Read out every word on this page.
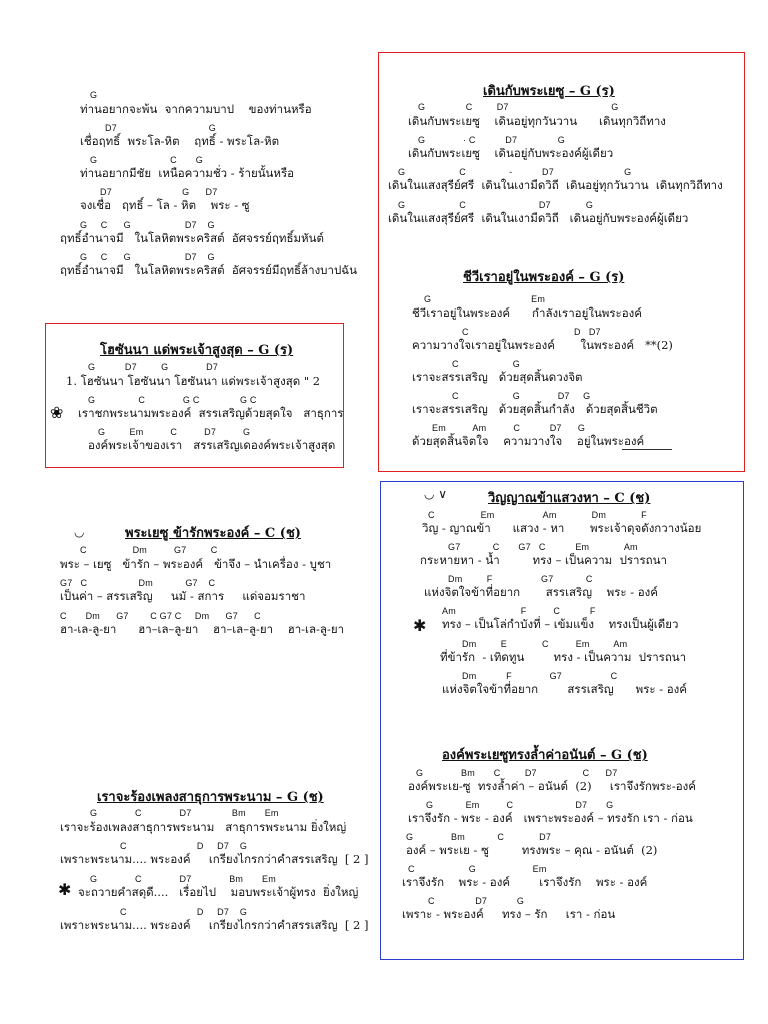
G
ท่านอยากจะพ้น  จากความบาป    ของท่านหรือ
D7                                  G
เชื่อฤทธิ์  พระโล-หิต    ฤทธิ์ - พระโล-หิต
G                           C       G
ท่านอยากมีชัย  เหนือความชั่ว - ร้ายนั้นหรือ
D7                          G      D7
จงเชื่อ   ฤทธิ์ – โล - หิต    พระ - ซู
G     C      G                    D7    G
ฤทธิ์อำนาจมี   ในโลหิตพระคริสต์  อัศจรรย์ฤทธิ์มหันต์
G     C      G                    D7    G
ฤทธิ์อำนาจมี   ในโลหิตพระคริสต์  อัศจรรย์มีฤทธิ์ล้างบาปฉัน
โฮซันนา แด่พระเจ้าสูงสุด – G (ร)
G           D7         G              D7
1. โฮซันนา โฮซันนา โฮซันนา แด่พระเจ้าสูงสุด " 2
G                C              G C               G C
เราชกพระนามพระองค์  สรรเสริญด้วยสุดใจ   สาธุการ
G         Em          C          D7          G
องค์พระเจ้าของเรา   สรรเสริญเดองค์พระเจ้าสูงสุด
❀
◡	พระเยซู ข้ารักพระองค์ – C (ช)
C                 Dm          G7         C
พระ – เยซู   ข้ารัก – พระองค์   ข้าจึง – นำเครื่อง - บูชา
G7   C                   Dm            G7    C
เป็นค่า – สรรเสริญ     นมั - สการ     แด่จอมราชา
C       Dm      G7        C G7 C     Dm      G7      C
ฮา-เล-ลู-ยา      ฮา–เล–ลู-ยา    ฮา–เล–ลู-ยา    ฮา-เล-ลู-ยา
เราจะร้องเพลงสาธุการพระนาม – G (ช)
G              C              D7               Bm       Em
เราจะร้องเพลงสาธุการพระนาม   สาธุการพระนาม ยิ่งใหญ่
C                          D     D7    G
เพราะพระนาม.... พระองค์     เกรียงไกรกว่าคำสรรเสริญ  [ 2 ]
G              C              D7              Bm       Em
จะถวายคำสดุดี....   เรื่อยไป    มอบพระเจ้าผู้ทรง  ยิ่งใหญ่
C                          D     D7    G
เพราะพระนาม.... พระองค์     เกรียงไกรกว่าคำสรรเสริญ  [ 2 ]
✱
เดินกับพระเยซู – G (ร)
G               C         D7                                      G
เดินกับพระเยซู    เดินอยู่ทุกวันวาน      เดินทุกวิถีทาง
G              · C           D7               G
เดินกับพระเยซู    เดินอยู่กับพระองค์ผู้เดียว
G                    C                -           D7                          G
เดินในแสงสุรีย์ศรี  เดินในเงามืดวิถี  เดินอยู่ทุกวันวาน  เดินทุกวิถีทาง
G                    C                           D7             G
เดินในแสงสุรีย์ศรี  เดินในเงามืดวิถี   เดินอยู่กับพระองค์ผู้เดียว
ชีวีเราอยู่ในพระองค์ – G (ร)
G                                     Em
ชีวีเราอยู่ในพระองค์      กำลังเราอยู่ในพระองค์
C                                       D   D7
ความวางใจเราอยู่ในพระองค์       ในพระองค์   **(2)
C                    G
เราจะสรรเสริญ   ด้วยสุดสิ้นดวงจิต
C                    G              D7     G
เราจะสรรเสริญ   ด้วยสุดสิ้นกำลัง   ด้วยสุดสิ้นชีวิต
Em          Am          C           D7      G
ด้วยสุดสิ้นจิตใจ    ความวางใจ    อยู่ในพระองค์
◡ ∨	วิญญาณข้าแสวงหา – C (ช)
C                 Em                  Am             Dm             F
วิญ - ญาณข้า      แสวง - หา       พระเจ้าดุจดังกวางน้อย
G7            C       G7   C           Em             Am
กระหายหา - น้ำ         ทรง – เป็นความ  ปรารถนา
Dm         F                  G7            C
แห่งจิตใจข้าที่อยาก       สรรเสริญ    พระ - องค์
Am                        F          C           F
ทรง – เป็นโล่กำบังที่ – เข้มแข็ง    ทรงเป็นผู้เดียว
Dm         E             C          Em         Am
ที่ข้ารัก  - เทิดทูน        ทรง - เป็นความ  ปรารถนา
Dm           F              G7                  C
แห่งจิตใจข้าที่อยาก        สรรเสริญ      พระ - องค์
✱
องค์พระเยซูทรงล้ำค่าอนันต์ – G (ช)
G              Bm       C         D7                 C      D7
องค์พระเย-ซู  ทรงล้ำค่า – อนันต์  (2)     เราจึงรักพระ-องค์
G            Em          C                       D7       G
เราจึงรัก - พระ - องค์   เพราะพระองค์ – ทรงรัก เรา - ก่อน
G              Bm            C             D7
องค์ – พระเย - ซู         ทรงพระ – คุณ - อนันต์  (2)
C                    G                     Em
เราจึงรัก    พระ - องค์        เราจึงรัก    พระ - องค์
C               D7           G
เพราะ - พระองค์     ทรง – รัก     เรา - ก่อน
